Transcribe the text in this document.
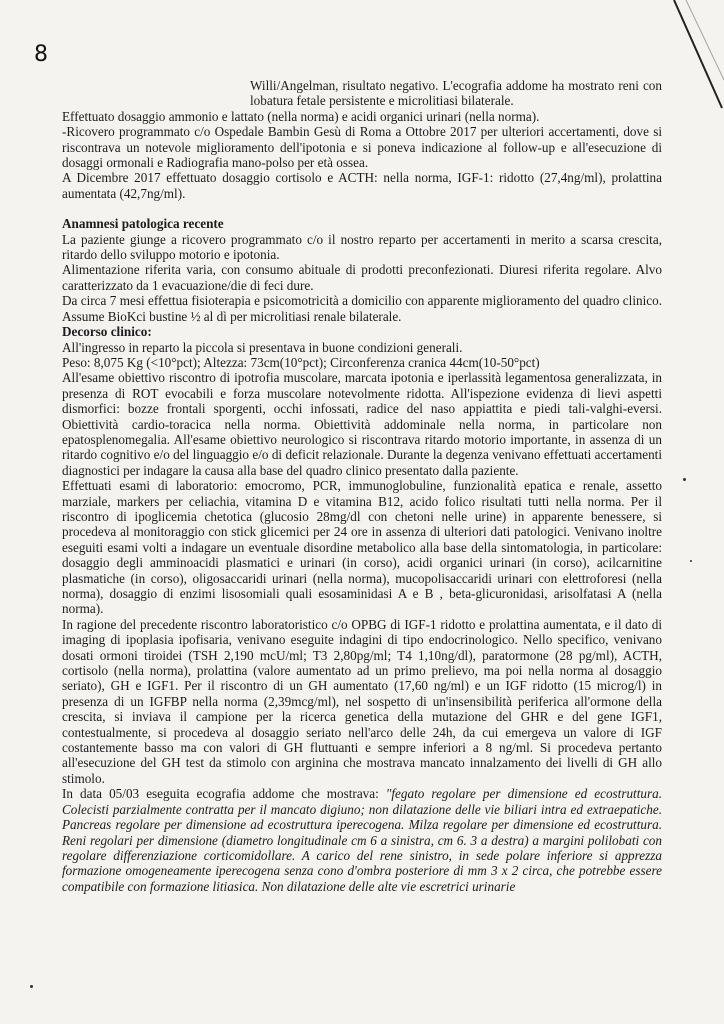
8

Willi/Angelman, risultato negativo. L'ecografia addome ha mostrato reni con lobatura fetale persistente e microlitiasi bilaterale.

Effettuato dosaggio ammonio e lattato (nella norma) e acidi organici urinari (nella norma).

-Ricovero programmato c/o Ospedale Bambin Gesù di Roma a Ottobre 2017 per ulteriori accertamenti, dove si riscontrava un notevole miglioramento dell'ipotonia e si poneva indicazione al follow-up e all'esecuzione di dosaggi ormonali e Radiografia mano-polso per età ossea.

A Dicembre 2017 effettuato dosaggio cortisolo e ACTH: nella norma, IGF-1: ridotto (27,4ng/ml), prolattina aumentata (42,7ng/ml).

Anamnesi patologica recente

La paziente giunge a ricovero programmato c/o il nostro reparto per accertamenti in merito a scarsa crescita, ritardo dello sviluppo motorio e ipotonia.

Alimentazione riferita varia, con consumo abituale di prodotti preconfezionati. Diuresi riferita regolare. Alvo caratterizzato da 1 evacuazione/die di feci dure.

Da circa 7 mesi effettua fisioterapia e psicomotricità a domicilio con apparente miglioramento del quadro clinico. Assume BioKci bustine ½ al dì per microlitiasi renale bilaterale.

Decorso clinico:

All'ingresso in reparto la piccola si presentava in buone condizioni generali.

Peso: 8,075 Kg (<10°pct); Altezza: 73cm(10°pct); Circonferenza cranica 44cm(10-50°pct)

All'esame obiettivo riscontro di ipotrofia muscolare, marcata ipotonia e iperlassità legamentosa generalizzata, in presenza di ROT evocabili e forza muscolare notevolmente ridotta. All'ispezione evidenza di lievi aspetti dismorfici: bozze frontali sporgenti, occhi infossati, radice del naso appiattita e piedi tali-valghi-eversi. Obiettività cardio-toracica nella norma. Obiettività addominale nella norma, in particolare non epatosplenomegalia. All'esame obiettivo neurologico si riscontrava ritardo motorio importante, in assenza di un ritardo cognitivo e/o del linguaggio e/o di deficit relazionale. Durante la degenza venivano effettuati accertamenti diagnostici per indagare la causa alla base del quadro clinico presentato dalla paziente.

Effettuati esami di laboratorio: emocromo, PCR, immunoglobuline, funzionalità epatica e renale, assetto marziale, markers per celiachia, vitamina D e vitamina B12, acido folico risultati tutti nella norma. Per il riscontro di ipoglicemia chetotica (glucosio 28mg/dl con chetoni nelle urine) in apparente benessere, si procedeva al monitoraggio con stick glicemici per 24 ore in assenza di ulteriori dati patologici. Venivano inoltre eseguiti esami volti a indagare un eventuale disordine metabolico alla base della sintomatologia, in particolare: dosaggio degli amminoacidi plasmatici e urinari (in corso), acidi organici urinari (in corso), acilcarnitine plasmatiche (in corso), oligosaccaridi urinari (nella norma), mucopolisaccaridi urinari con elettroforesi (nella norma), dosaggio di enzimi lisosomiali quali esosaminidasi A e B , beta-glicuronidasi, arisolfatasi A (nella norma).

In ragione del precedente riscontro laboratoristico c/o OPBG di IGF-1 ridotto e prolattina aumentata, e il dato di imaging di ipoplasia ipofisaria, venivano eseguite indagini di tipo endocrinologico. Nello specifico, venivano dosati ormoni tiroidei (TSH 2,190 mcU/ml; T3 2,80pg/ml; T4 1,10ng/dl), paratormone (28 pg/ml), ACTH, cortisolo (nella norma), prolattina (valore aumentato ad un primo prelievo, ma poi nella norma al dosaggio seriato), GH e IGF1. Per il riscontro di un GH aumentato (17,60 ng/ml) e un IGF ridotto (15 microg/l) in presenza di un IGFBP nella norma (2,39mcg/ml), nel sospetto di un'insensibilità periferica all'ormone della crescita, si inviava il campione per la ricerca genetica della mutazione del GHR e del gene IGF1, contestualmente, si procedeva al dosaggio seriato nell'arco delle 24h, da cui emergeva un valore di IGF costantemente basso ma con valori di GH fluttuanti e sempre inferiori a 8 ng/ml. Si procedeva pertanto all'esecuzione del GH test da stimolo con arginina che mostrava mancato innalzamento dei livelli di GH allo stimolo.

In data 05/03 eseguita ecografia addome che mostrava: "fegato regolare per dimensione ed ecostruttura. Colecisti parzialmente contratta per il mancato digiuno; non dilatazione delle vie biliari intra ed extraepatiche. Pancreas regolare per dimensione ad ecostruttura iperecogena. Milza regolare per dimensione ed ecostruttura. Reni regolari per dimensione (diametro longitudinale cm 6 a sinistra, cm 6. 3 a destra) a margini polilobati con regolare differenziazione corticomidollare. A carico del rene sinistro, in sede polare inferiore si apprezza formazione omogeneamente iperecogena senza cono d'ombra posteriore di mm 3 x 2 circa, che potrebbe essere compatibile con formazione litiasica. Non dilatazione delle alte vie escretrici urinarie
